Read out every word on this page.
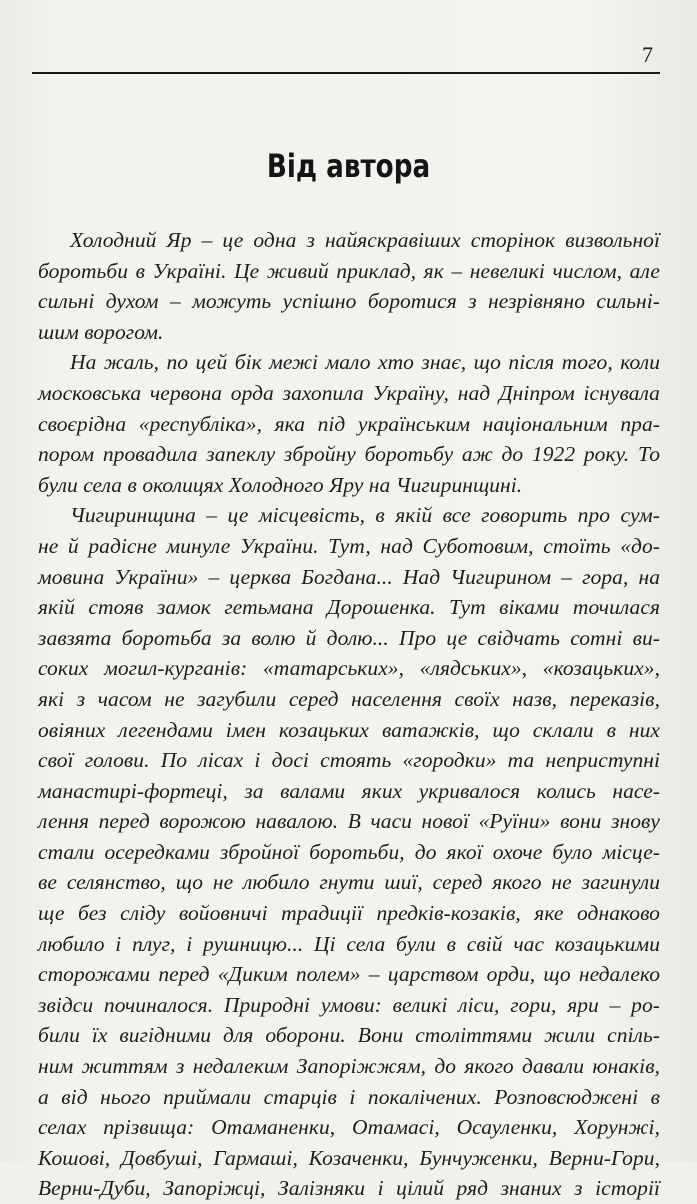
7
Від автора
Холодний Яр – це одна з найяскравіших сторінок визвольної
боротьби в Україні. Це живий приклад, як – невеликі числом, але
сильні духом – можуть успішно боротися з незрівняно сильні-
шим ворогом.
На жаль, по цей бік межі мало хто знає, що після того, коли
московська червона орда захопила Україну, над Дніпром існувала
своєрідна «республіка», яка під українським національним пра-
пором провадила запеклу збройну боротьбу аж до 1922 року. То
були села в околицях Холодного Яру на Чигиринщині.
Чигиринщина – це місцевість, в якій все говорить про сум-
не й радісне минуле України. Тут, над Суботовим, стоїть «до-
мовина України» – церква Богдана... Над Чигирином – гора, на
якій стояв замок гетьмана Дорошенка. Тут віками точилася
завзята боротьба за волю й долю... Про це свідчать сотні ви-
соких могил-курганів: «татарських», «лядських», «козацьких»,
які з часом не загубили серед населення своїх назв, переказів,
овіяних легендами імен козацьких ватажків, що склали в них
свої голови. По лісах і досі стоять «городки» та неприступні
манастирі-фортеці, за валами яких укривалося колись насе-
лення перед ворожою навалою. В часи нової «Руїни» вони знову
стали осередками збройної боротьби, до якої охоче було місце-
ве селянство, що не любило гнути шиї, серед якого не загинули
ще без сліду войовничі традиції предків-козаків, яке однаково
любило і плуг, і рушницю... Ці села були в свій час козацькими
сторожами перед «Диким полем» – царством орди, що недалеко
звідси починалося. Природні умови: великі ліси, гори, яри – ро-
били їх вигідними для оборони. Вони століттями жили спіль-
ним життям з недалеким Запоріжжям, до якого давали юнаків,
а від нього приймали старців і покалічених. Розповсюджені в
селах прізвища: Отаманенки, Отамасі, Осауленки, Хорунжі,
Кошові, Довбуші, Гармаші, Козаченки, Бунчуженки, Верни-Гори,
Верни-Дуби, Запоріжці, Залізняки і цілий ряд знаних з історії
